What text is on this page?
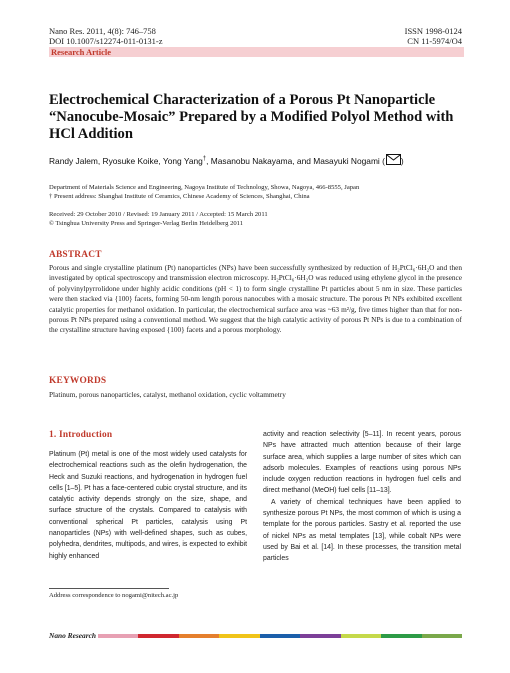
Nano Res. 2011, 4(8): 746–758
DOI 10.1007/s12274-011-0131-z
ISSN 1998-0124
CN 11-5974/O4
Research Article
Electrochemical Characterization of a Porous Pt Nanoparticle “Nanocube-Mosaic” Prepared by a Modified Polyol Method with HCl Addition
Randy Jalem, Ryosuke Koike, Yong Yang†, Masanobu Nakayama, and Masayuki Nogami ( )
Department of Materials Science and Engineering, Nagoya Institute of Technology, Showa, Nagoya, 466-8555, Japan
† Present address: Shanghai Institute of Ceramics, Chinese Academy of Sciences, Shanghai, China
Received: 29 October 2010 / Revised: 19 January 2011 / Accepted: 15 March 2011
© Tsinghua University Press and Springer-Verlag Berlin Heidelberg 2011
ABSTRACT
Porous and single crystalline platinum (Pt) nanoparticles (NPs) have been successfully synthesized by reduction of H₂PtCl₆·6H₂O and then investigated by optical spectroscopy and transmission electron microscopy. H₂PtCl₆·6H₂O was reduced using ethylene glycol in the presence of polyvinylpyrrolidone under highly acidic conditions (pH < 1) to form single crystalline Pt particles about 5 nm in size. These particles were then stacked via {100} facets, forming 50-nm length porous nanocubes with a mosaic structure. The porous Pt NPs exhibited excellent catalytic properties for methanol oxidation. In particular, the electrochemical surface area was ~63 m²/g, five times higher than that for non-porous Pt NPs prepared using a conventional method. We suggest that the high catalytic activity of porous Pt NPs is due to a combination of the crystalline structure having exposed {100} facets and a porous morphology.
KEYWORDS
Platinum, porous nanoparticles, catalyst, methanol oxidation, cyclic voltammetry
1. Introduction

Platinum (Pt) metal is one of the most widely used catalysts for electrochemical reactions such as the olefin hydrogenation, the Heck and Suzuki reactions, and hydrogenation in hydrogen fuel cells [1–5]. Pt has a face-centered cubic crystal structure, and its catalytic activity depends strongly on the size, shape, and surface structure of the crystals. Compared to catalysis with conventional spherical Pt particles, catalysis using Pt nanoparticles (NPs) with well-defined shapes, such as cubes, polyhedra, dendrites, multipods, and wires, is expected to exhibit highly enhanced

activity and reaction selectivity [5–11]. In recent years, porous NPs have attracted much attention because of their large surface area, which supplies a large number of sites which can adsorb molecules. Examples of reactions using porous NPs include oxygen reduction reactions in hydrogen fuel cells and direct methanol (MeOH) fuel cells [11–13].

A variety of chemical techniques have been applied to synthesize porous Pt NPs, the most common of which is using a template for the porous particles. Sastry et al. reported the use of nickel NPs as metal templates [13], while cobalt NPs were used by Bai et al. [14]. In these processes, the transition metal particles

Address correspondence to nogami@nitech.ac.jp
Nano Research
